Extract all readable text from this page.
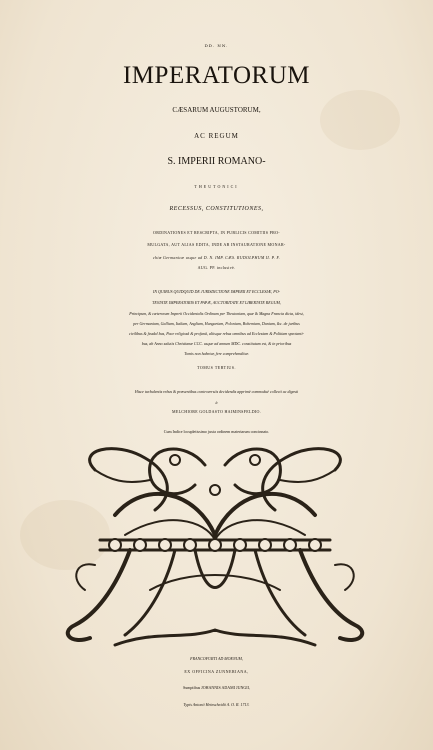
DD. NN.
IMPERATORUM
CÆSARUM AUGUSTORUM,
AC REGUM
S. IMPERII ROMANO-
THEUTONICI
RECESSUS, CONSTITUTIONES,
ORDINATIONES ET RESCRIPTA, IN PUBLICIS COMITIIS PRO-
MULGATA, AUT ALIAS EDITA, INDE AB INSTAURATIONE MONAR-
chiæ Germanicæ usque ad D. N. IMP. CÆS. RUDOLPHUM II. P. F.
AUG. PP. inclusivè.
IN QUIBUS QUIDQUID DE JURISDICTIONE IMPERII ET ECCLESIÆ, PO-
TESTATE IMPERATORIS ET PAPÆ, AUCTORITATE ET LIBERTATE REGUM,
Principum, & cæterorum Imperii Occidentalis Ordinum per Theutoniam, quæ & Magna Francia dicta, idest,
per Germaniam, Galliam, Italiam, Angliam, Hungariam, Poloniam, Bohemiam, Daniam, &c. de juribus
civilibus & feudal bus, Pace religiosâ & profanâ, aliisque rebus omnibus ad Ecclesiam & Politiam spectanti-
bus, ab Anno salutis Christianæ CCC. usque ad annum MDC. constitutum est, & in prioribus
Tomis non habetur, fere comprehenditur.
TOMUS TERTIUS.
Hisce turbulentis rebus & præsentibus controversiis decidendis apprimè commoduè collecti ac digesti
à
MELCHIORE GOLDASTO HAIMINSFELDIO.
Cum Indice locupletissimo juxta ordinem materiarum concinnato.
FRANCOFURTI AD MOENUM,
EX OFFICINA ZUNNERIANA,
Sumptibus JOHANNIS ADAMI JUNGII,
Typis Antonii Heinscheidii A. O. R. 1713.
